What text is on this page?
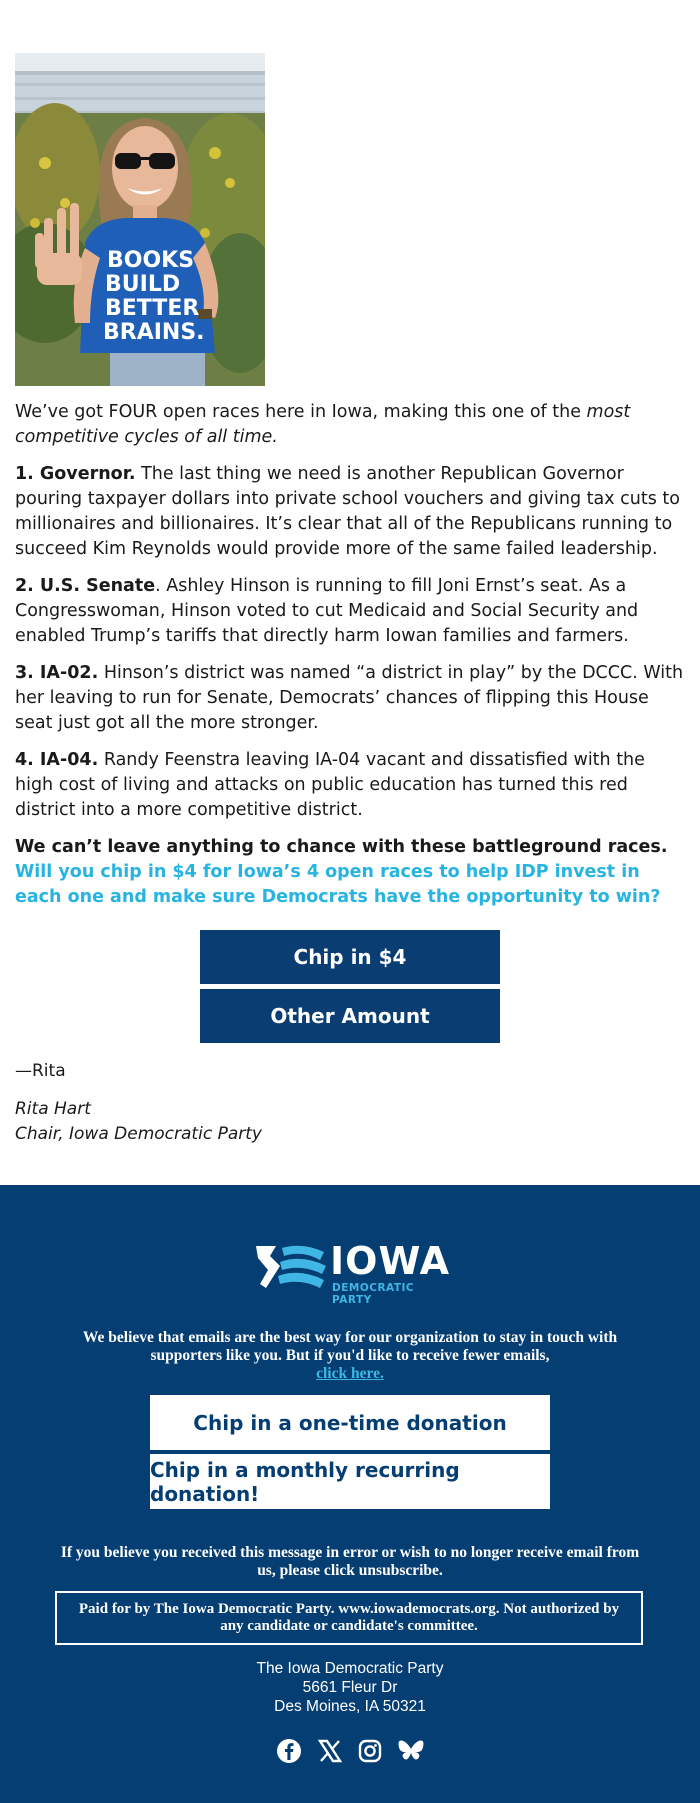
BOOKS
BUILD
BETTER
BRAINS.

We’ve got FOUR open races here in Iowa, making this one of the most competitive cycles of all time.

1. Governor. The last thing we need is another Republican Governor pouring taxpayer dollars into private school vouchers and giving tax cuts to millionaires and billionaires. It’s clear that all of the Republicans running to succeed Kim Reynolds would provide more of the same failed leadership.

2. U.S. Senate. Ashley Hinson is running to fill Joni Ernst’s seat. As a Congresswoman, Hinson voted to cut Medicaid and Social Security and enabled Trump’s tariffs that directly harm Iowan families and farmers.

3. IA-02. Hinson’s district was named “a district in play” by the DCCC. With her leaving to run for Senate, Democrats’ chances of flipping this House seat just got all the more stronger.

4. IA-04. Randy Feenstra leaving IA-04 vacant and dissatisfied with the high cost of living and attacks on public education has turned this red district into a more competitive district.

We can’t leave anything to chance with these battleground races. Will you chip in $4 for Iowa’s 4 open races to help IDP invest in each one and make sure Democrats have the opportunity to win?

Chip in $4
Other Amount
—Rita
Rita Hart
Chair, Iowa Democratic Party
IOWA
DEMOCRATIC PARTY
We believe that emails are the best way for our organization to stay in touch with supporters like you. But if you'd like to receive fewer emails,
click here.
Chip in a one-time donation
Chip in a monthly recurring donation!
If you believe you received this message in error or wish to no longer receive email from us, please click unsubscribe.
Paid for by The Iowa Democratic Party. www.iowademocrats.org. Not authorized by any candidate or candidate's committee.
The Iowa Democratic Party
5661 Fleur Dr
Des Moines, IA 50321
